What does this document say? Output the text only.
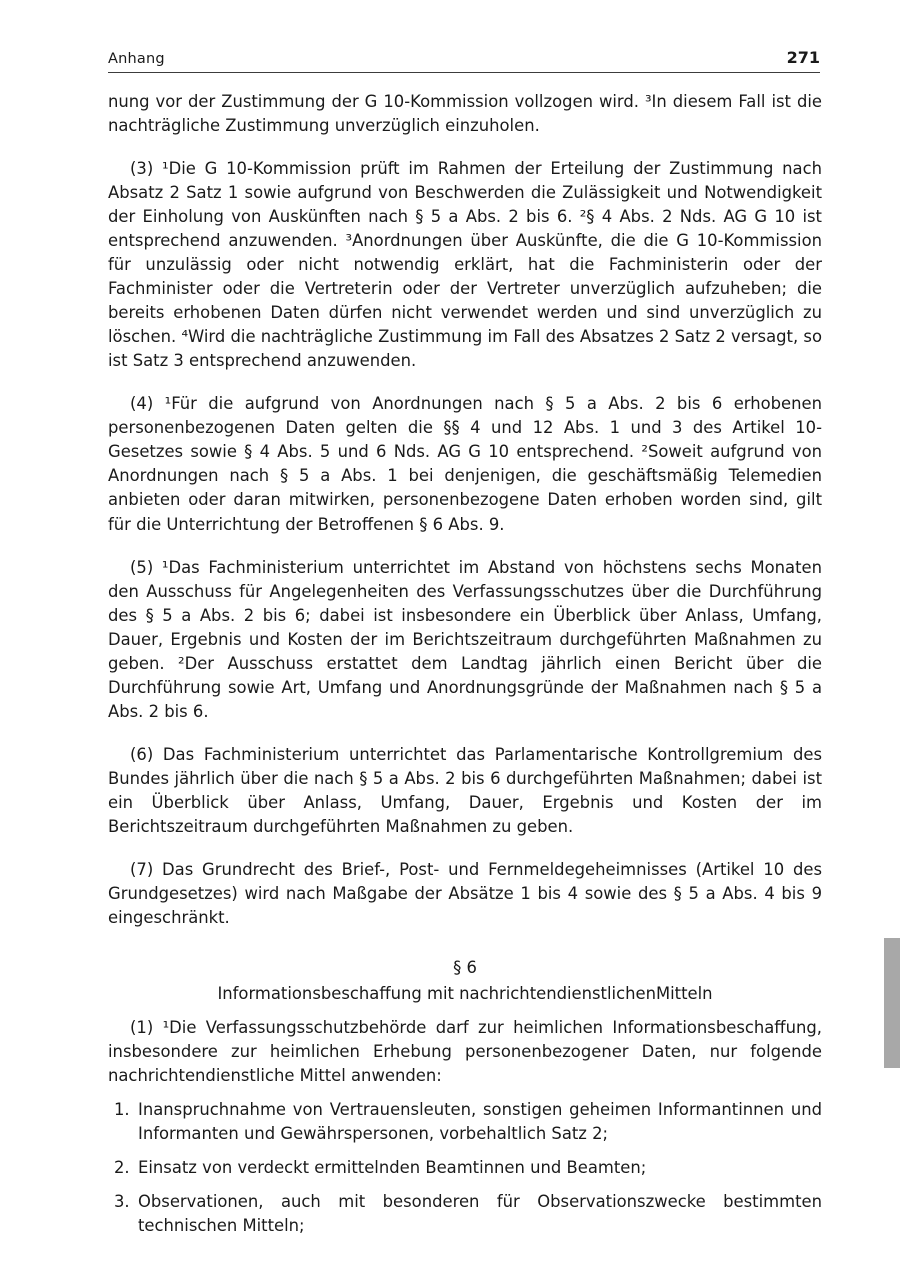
Anhang	271

nung vor der Zustimmung der G 10-Kommission vollzogen wird. ³In diesem Fall ist die nachträgliche Zustimmung unverzüglich einzuholen.

(3) ¹Die G 10-Kommission prüft im Rahmen der Erteilung der Zustimmung nach Absatz 2 Satz 1 sowie aufgrund von Beschwerden die Zulässigkeit und Notwendigkeit der Einholung von Auskünften nach § 5 a Abs. 2 bis 6. ²§ 4 Abs. 2 Nds. AG G 10 ist entsprechend anzuwenden. ³Anordnungen über Auskünfte, die die G 10-Kommission für unzulässig oder nicht notwendig erklärt, hat die Fachministerin oder der Fachminister oder die Vertreterin oder der Vertreter unverzüglich aufzuheben; die bereits erhobenen Daten dürfen nicht verwendet werden und sind unverzüglich zu löschen. ⁴Wird die nachträgliche Zustimmung im Fall des Absatzes 2 Satz 2 versagt, so ist Satz 3 entsprechend anzuwenden.

(4) ¹Für die aufgrund von Anordnungen nach § 5 a Abs. 2 bis 6 erhobenen personenbezogenen Daten gelten die §§ 4 und 12 Abs. 1 und 3 des Artikel 10-Gesetzes sowie § 4 Abs. 5 und 6 Nds. AG G 10 entsprechend. ²Soweit aufgrund von Anordnungen nach § 5 a Abs. 1 bei denjenigen, die geschäftsmäßig Telemedien anbieten oder daran mitwirken, personenbezogene Daten erhoben worden sind, gilt für die Unterrichtung der Betroffenen § 6 Abs. 9.

(5) ¹Das Fachministerium unterrichtet im Abstand von höchstens sechs Monaten den Ausschuss für Angelegenheiten des Verfassungsschutzes über die Durchführung des § 5 a Abs. 2 bis 6; dabei ist insbesondere ein Überblick über Anlass, Umfang, Dauer, Ergebnis und Kosten der im Berichtszeitraum durchgeführten Maßnahmen zu geben. ²Der Ausschuss erstattet dem Landtag jährlich einen Bericht über die Durchführung sowie Art, Umfang und Anordnungsgründe der Maßnahmen nach § 5 a Abs. 2 bis 6.

(6) Das Fachministerium unterrichtet das Parlamentarische Kontrollgremium des Bundes jährlich über die nach § 5 a Abs. 2 bis 6 durchgeführten Maßnahmen; dabei ist ein Überblick über Anlass, Umfang, Dauer, Ergebnis und Kosten der im Berichtszeitraum durchgeführten Maßnahmen zu geben.

(7) Das Grundrecht des Brief-, Post- und Fernmeldegeheimnisses (Artikel 10 des Grundgesetzes) wird nach Maßgabe der Absätze 1 bis 4 sowie des § 5 a Abs. 4 bis 9 eingeschränkt.

§ 6

Informationsbeschaffung mit nachrichtendienstlichenMitteln

(1) ¹Die Verfassungsschutzbehörde darf zur heimlichen Informationsbeschaffung, insbesondere zur heimlichen Erhebung personenbezogener Daten, nur folgende nachrichtendienstliche Mittel anwenden:

1. Inanspruchnahme von Vertrauensleuten, sonstigen geheimen Informantinnen und Informanten und Gewährspersonen, vorbehaltlich Satz 2;
2. Einsatz von verdeckt ermittelnden Beamtinnen und Beamten;
3. Observationen, auch mit besonderen für Observationszwecke bestimmten technischen Mitteln;
